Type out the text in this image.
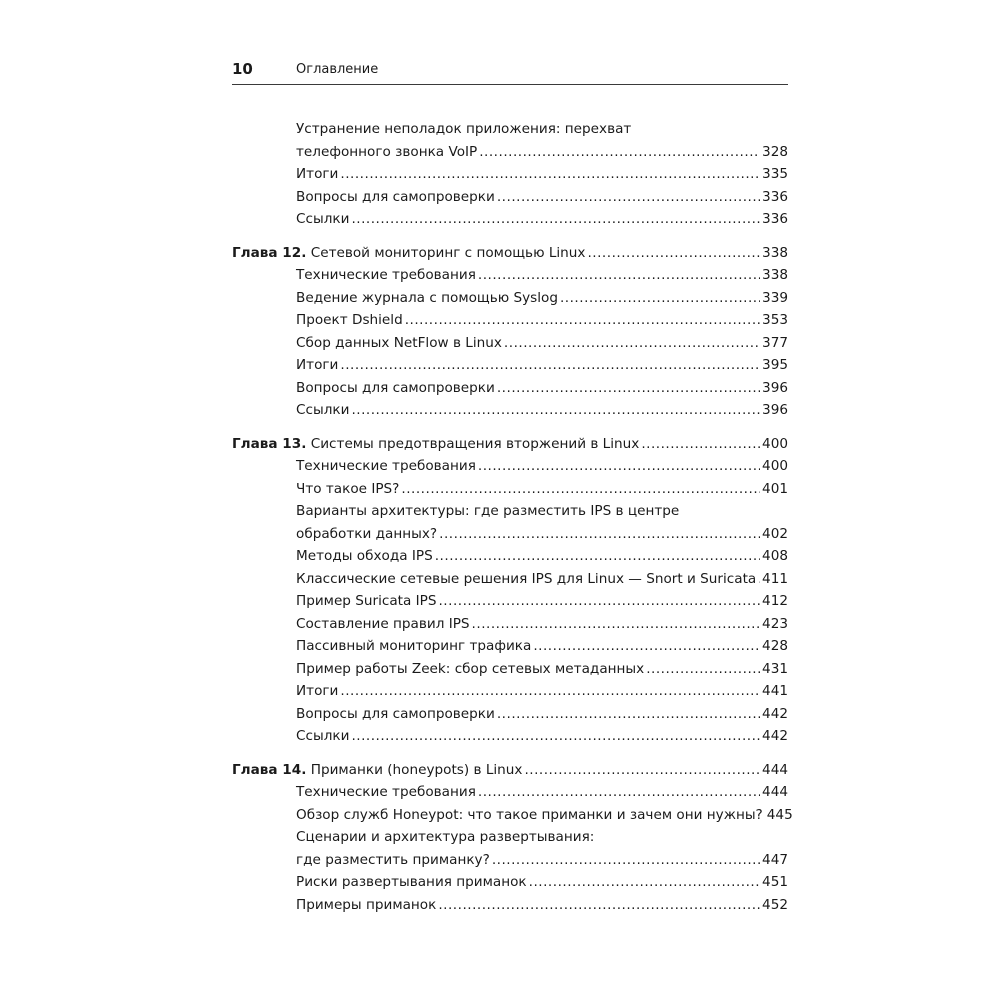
10	Оглавление
Устранение неполадок приложения: перехват
телефонного звонка VoIP .....	328
Итоги .....	335
Вопросы для самопроверки .....	336
Ссылки .....	336
Глава 12. Сетевой мониторинг с помощью Linux .....	338
Технические требования .....	338
Ведение журнала с помощью Syslog .....	339
Проект Dshield .....	353
Сбор данных NetFlow в Linux .....	377
Итоги .....	395
Вопросы для самопроверки .....	396
Ссылки .....	396
Глава 13. Системы предотвращения вторжений в Linux .....	400
Технические требования .....	400
Что такое IPS? .....	401
Варианты архитектуры: где разместить IPS в центре
обработки данных? .....	402
Методы обхода IPS .....	408
Классические сетевые решения IPS для Linux — Snort и Suricata ..... 411
Пример Suricata IPS .....	412
Составление правил IPS .....	423
Пассивный мониторинг трафика .....	428
Пример работы Zeek: сбор сетевых метаданных .....	431
Итоги .....	441
Вопросы для самопроверки .....	442
Ссылки .....	442
Глава 14. Приманки (honeypots) в Linux .....	444
Технические требования .....	444
Обзор служб Honeypot: что такое приманки и зачем они нужны? 445
Сценарии и архитектура развертывания:
где разместить приманку? .....	447
Риски развертывания приманок .....	451
Примеры приманок .....	452
